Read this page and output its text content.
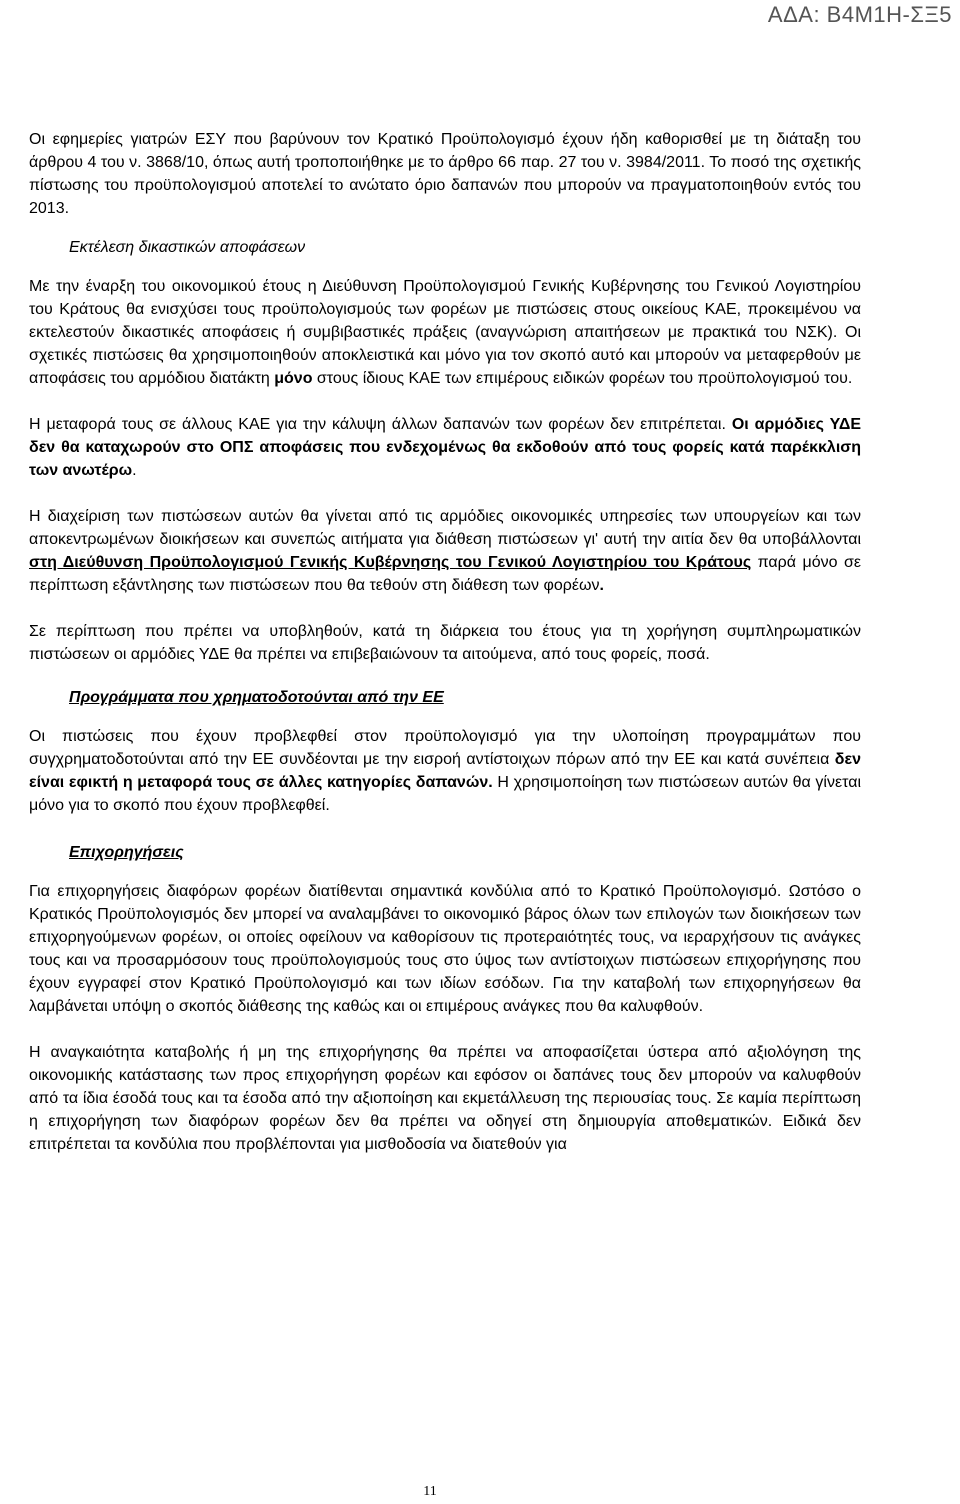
ΑΔΑ: Β4Μ1Η-ΣΞ5

Οι εφημερίες γιατρών ΕΣΥ που βαρύνουν τον Κρατικό Προϋπολογισμό έχουν ήδη καθορισθεί με τη διάταξη του άρθρου 4 του ν. 3868/10, όπως αυτή τροποποιήθηκε με το άρθρο 66 παρ. 27 του ν. 3984/2011. Το ποσό της σχετικής πίστωσης του προϋπολογισμού αποτελεί το ανώτατο όριο δαπανών που μπορούν να πραγματοποιηθούν εντός του 2013.

Εκτέλεση δικαστικών αποφάσεων

Με την έναρξη του οικονομικού έτους η Διεύθυνση Προϋπολογισμού Γενικής Κυβέρνησης του Γενικού Λογιστηρίου του Κράτους θα ενισχύσει τους προϋπολογισμούς των φορέων με πιστώσεις στους οικείους ΚΑΕ, προκειμένου να εκτελεστούν δικαστικές αποφάσεις ή συμβιβαστικές πράξεις (αναγνώριση απαιτήσεων με πρακτικά του ΝΣΚ). Οι σχετικές πιστώσεις θα χρησιμοποιηθούν αποκλειστικά και μόνο για τον σκοπό αυτό και μπορούν να μεταφερθούν με αποφάσεις του αρμόδιου διατάκτη μόνο στους ίδιους ΚΑΕ των επιμέρους ειδικών φορέων του προϋπολογισμού του.

Η μεταφορά τους σε άλλους ΚΑΕ για την κάλυψη άλλων δαπανών των φορέων δεν επιτρέπεται. Οι αρμόδιες ΥΔΕ δεν θα καταχωρούν στο ΟΠΣ αποφάσεις που ενδεχομένως θα εκδοθούν από τους φορείς κατά παρέκκλιση των ανωτέρω.

Η διαχείριση των πιστώσεων αυτών θα γίνεται από τις αρμόδιες οικονομικές υπηρεσίες των υπουργείων και των αποκεντρωμένων διοικήσεων και συνεπώς αιτήματα για διάθεση πιστώσεων γι' αυτή την αιτία δεν θα υποβάλλονται στη Διεύθυνση Προϋπολογισμού Γενικής Κυβέρνησης του Γενικού Λογιστηρίου του Κράτους παρά μόνο σε περίπτωση εξάντλησης των πιστώσεων που θα τεθούν στη διάθεση των φορέων.

Σε περίπτωση που πρέπει να υποβληθούν, κατά τη διάρκεια του έτους για τη χορήγηση συμπληρωματικών πιστώσεων οι αρμόδιες ΥΔΕ θα πρέπει να επιβεβαιώνουν τα αιτούμενα, από τους φορείς, ποσά.

Προγράμματα που χρηματοδοτούνται από την ΕΕ

Οι πιστώσεις που έχουν προβλεφθεί στον προϋπολογισμό για την υλοποίηση προγραμμάτων που συγχρηματοδοτούνται από την ΕΕ συνδέονται με την εισροή αντίστοιχων πόρων από την ΕΕ και κατά συνέπεια δεν είναι εφικτή η μεταφορά τους σε άλλες κατηγορίες δαπανών. Η χρησιμοποίηση των πιστώσεων αυτών θα γίνεται μόνο για το σκοπό που έχουν προβλεφθεί.

Επιχορηγήσεις

Για επιχορηγήσεις διαφόρων φορέων διατίθενται σημαντικά κονδύλια από το Κρατικό Προϋπολογισμό. Ωστόσο ο Κρατικός Προϋπολογισμός δεν μπορεί να αναλαμβάνει το οικονομικό βάρος όλων των επιλογών των διοικήσεων των επιχορηγούμενων φορέων, οι οποίες οφείλουν να καθορίσουν τις προτεραιότητές τους, να ιεραρχήσουν τις ανάγκες τους και να προσαρμόσουν τους προϋπολογισμούς τους στο ύψος των αντίστοιχων πιστώσεων επιχορήγησης που έχουν εγγραφεί στον Κρατικό Προϋπολογισμό και των ιδίων εσόδων. Για την καταβολή των επιχορηγήσεων θα λαμβάνεται υπόψη ο σκοπός διάθεσης της καθώς και οι επιμέρους ανάγκες που θα καλυφθούν.

Η αναγκαιότητα καταβολής ή μη της επιχορήγησης θα πρέπει να αποφασίζεται ύστερα από αξιολόγηση της οικονομικής κατάστασης των προς επιχορήγηση φορέων και εφόσον οι δαπάνες τους δεν μπορούν να καλυφθούν από τα ίδια έσοδά τους και τα έσοδα από την αξιοποίηση και εκμετάλλευση της περιουσίας τους. Σε καμία περίπτωση η επιχορήγηση των διαφόρων φορέων δεν θα πρέπει να οδηγεί στη δημιουργία αποθεματικών. Ειδικά δεν επιτρέπεται τα κονδύλια που προβλέπονται για μισθοδοσία να διατεθούν για

11
